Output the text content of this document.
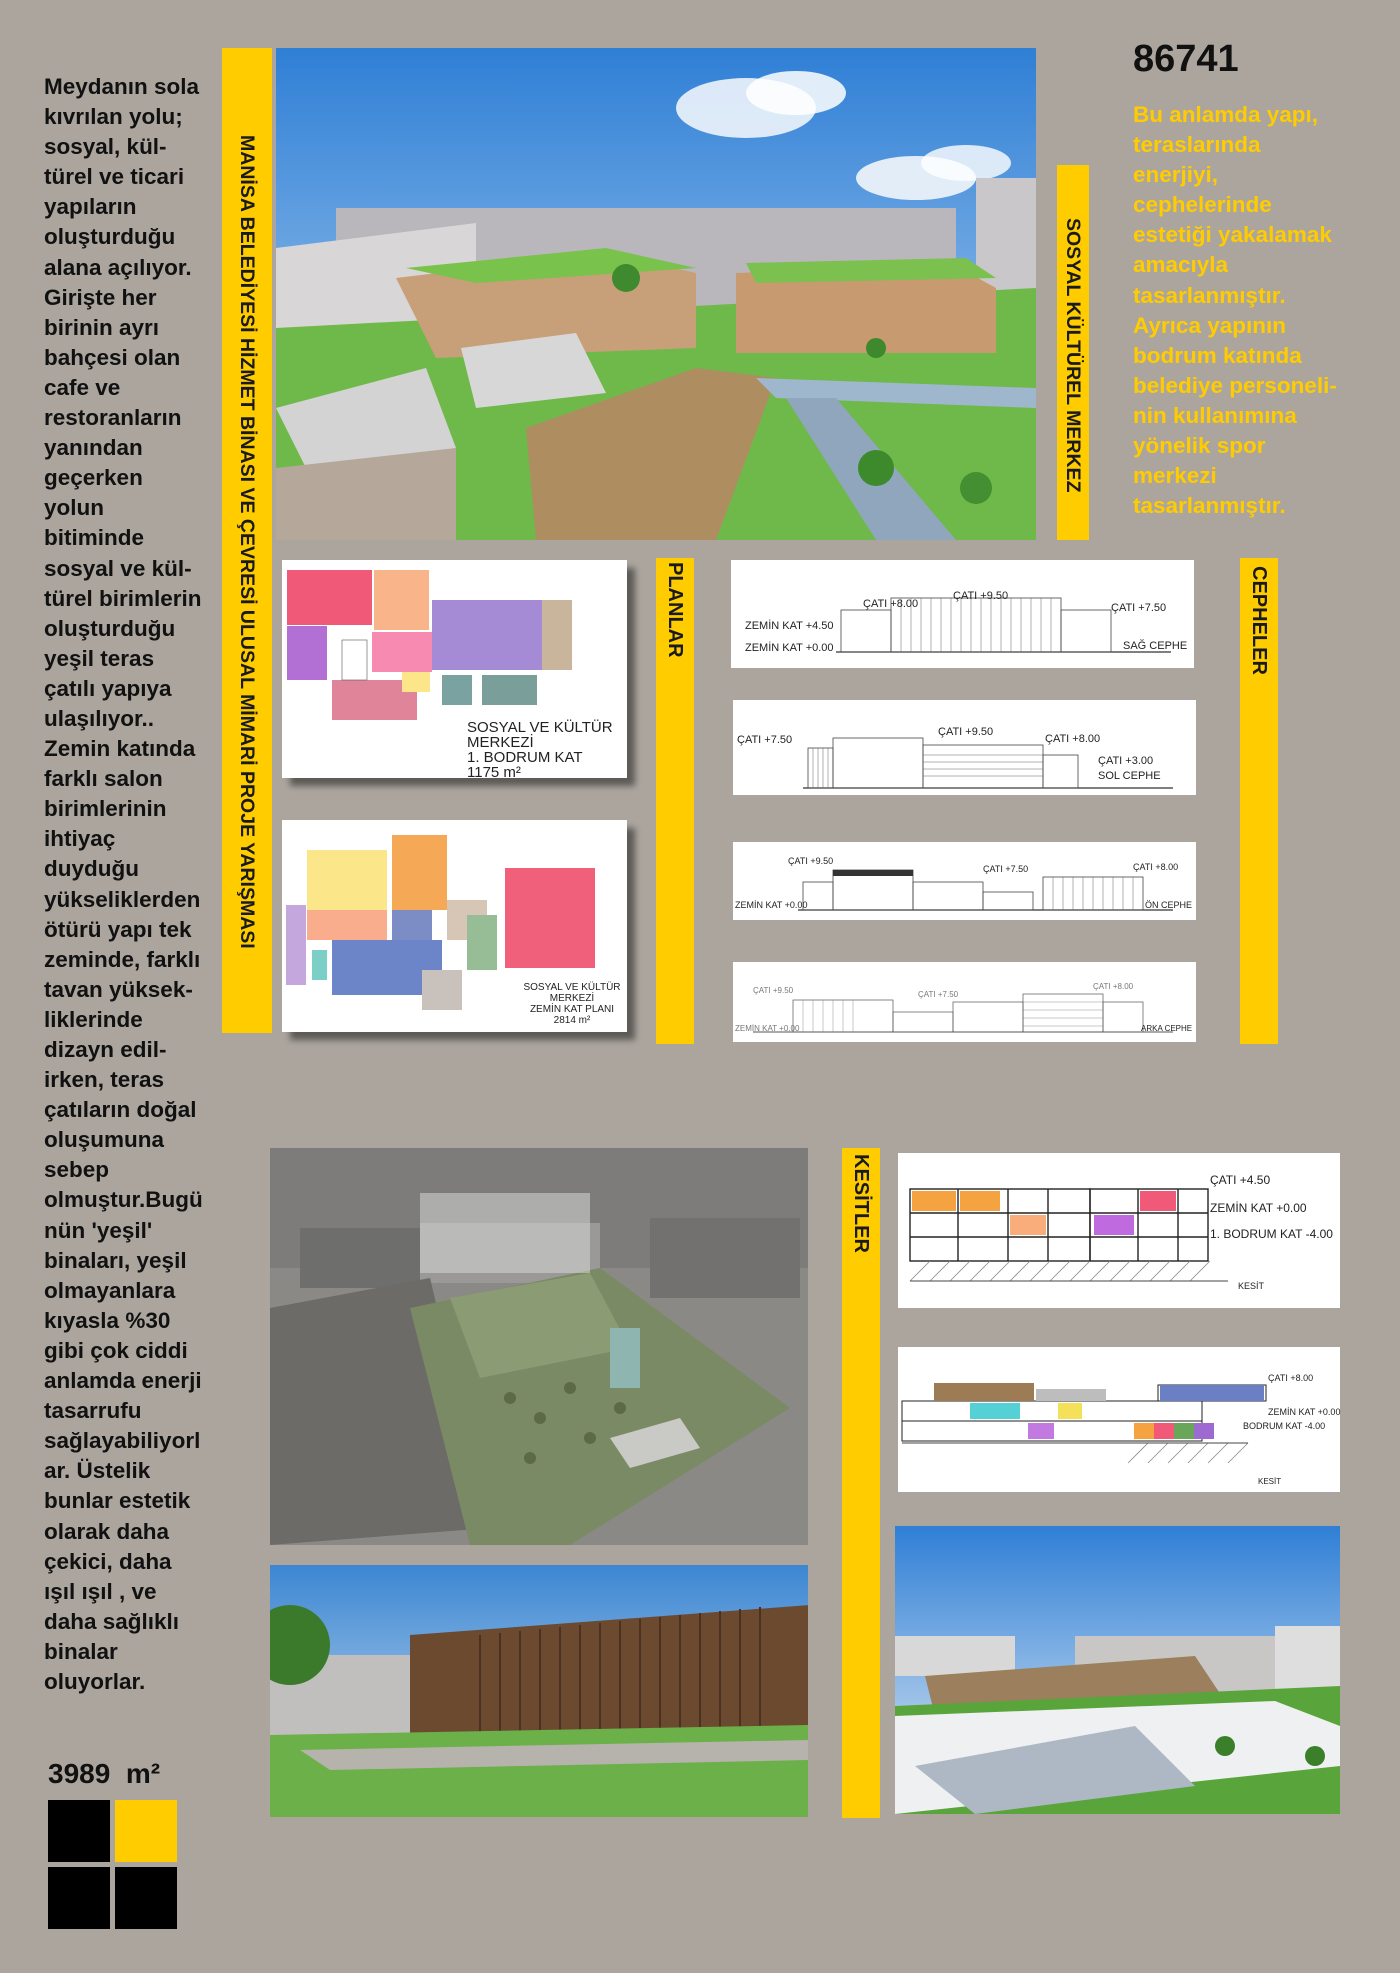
Meydanın sola
kıvrılan yolu;
sosyal, kül-
türel ve ticari
yapıların
oluşturduğu
alana açılıyor.
Girişte her
birinin ayrı
bahçesi olan
cafe ve
restoranların
yanından
geçerken
yolun
bitiminde
sosyal ve kül-
türel birimlerin
oluşturduğu
yeşil teras
çatılı yapıya
ulaşılıyor..
Zemin katında
farklı salon
birimlerinin
ihtiyaç
duyduğu
yükseliklerden
ötürü yapı tek
zeminde, farklı
tavan yüksek-
liklerinde
dizayn edil-
irken, teras
çatıların doğal
oluşumuna
sebep
olmuştur.Bugü
nün 'yeşil'
binaları, yeşil
olmayanlara
kıyasla %30
gibi çok ciddi
anlamda enerji
tasarrufu
sağlayabiliyorl
ar. Üstelik
bunlar estetik
olarak daha
çekici, daha
ışıl ışıl , ve
daha sağlıklı
binalar
oluyorlar.

MANİSA BELEDİYESİ HİZMET BİNASI VE ÇEVRESİ ULUSAL MİMARİ PROJE YARIŞMASI	SOSYAL KÜLTÜREL MERKEZ
86741

Bu anlamda yapı,
teraslarında
enerjiyi,
cephelerinde
estetiği yakalamak
amacıyla
tasarlanmıştır.
Ayrıca yapının
bodrum katında
belediye personeli-
nin kullanımına
yönelik spor
merkezi
tasarlanmıştır.

SOSYAL VE KÜLTÜR
MERKEZİ
1. BODRUM KAT
1175 m²
SOSYAL VE KÜLTÜR
MERKEZİ
ZEMİN KAT PLANI
2814 m²
PLANLAR	ZEMİN KAT +4.50
ZEMİN KAT +0.00
ÇATI +8.00
ÇATI +9.50
ÇATI +7.50
SAĞ CEPHE
ÇATI +7.50
ÇATI +9.50
ÇATI +8.00
ÇATI +3.00
SOL CEPHE
ÇATI +9.50
ÇATI +7.50	ÇATI +8.00
ZEMİN KAT +0.00	ÖN CEPHE
ÇATI +9.50	ÇATI +7.50
ÇATI +8.00
ZEMİN KAT +0.00	ARKA CEPHE
CEPHELER
KESİTLER	ÇATI +4.50
ZEMİN KAT +0.00
1. BODRUM KAT -4.00
KESİT
ÇATI +8.00
ZEMİN KAT +0.00
BODRUM KAT -4.00
KESİT
3989 m²
